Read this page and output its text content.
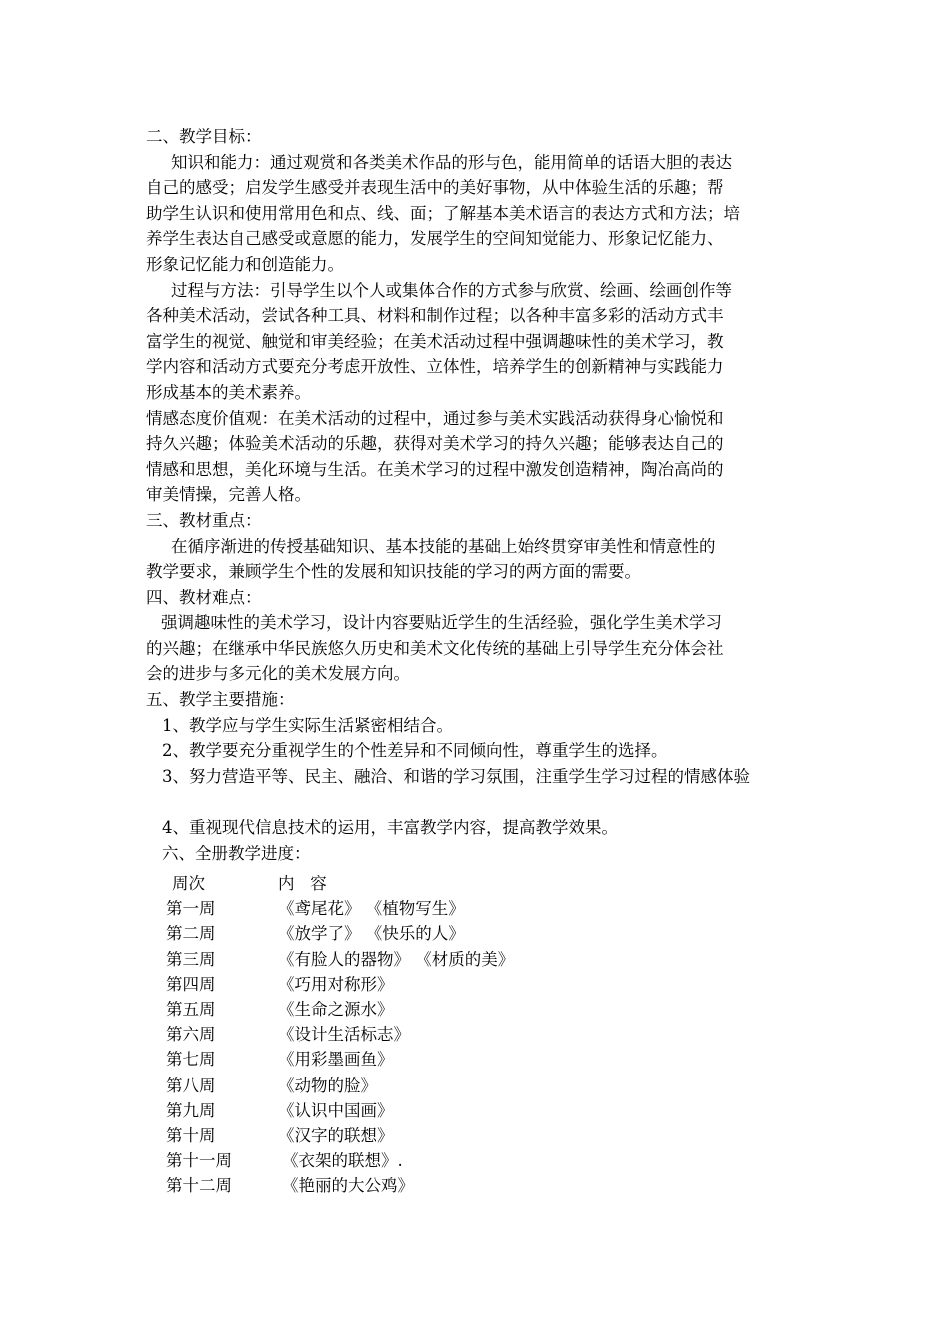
二、教学目标：
知识和能力：通过观赏和各类美术作品的形与色，能用简单的话语大胆的表达
自己的感受；启发学生感受并表现生活中的美好事物，从中体验生活的乐趣；帮
助学生认识和使用常用色和点、线、面；了解基本美术语言的表达方式和方法；培
养学生表达自己感受或意愿的能力，发展学生的空间知觉能力、形象记忆能力、
形象记忆能力和创造能力。
过程与方法：引导学生以个人或集体合作的方式参与欣赏、绘画、绘画创作等
各种美术活动，尝试各种工具、材料和制作过程；以各种丰富多彩的活动方式丰
富学生的视觉、触觉和审美经验；在美术活动过程中强调趣味性的美术学习，教
学内容和活动方式要充分考虑开放性、立体性，培养学生的创新精神与实践能力
形成基本的美术素养。
情感态度价值观：在美术活动的过程中，通过参与美术实践活动获得身心愉悦和
持久兴趣；体验美术活动的乐趣，获得对美术学习的持久兴趣；能够表达自己的
情感和思想，美化环境与生活。在美术学习的过程中激发创造精神，陶冶高尚的
审美情操，完善人格。
三、教材重点：
在循序渐进的传授基础知识、基本技能的基础上始终贯穿审美性和情意性的
教学要求，兼顾学生个性的发展和知识技能的学习的两方面的需要。
四、教材难点：
强调趣味性的美术学习，设计内容要贴近学生的生活经验，强化学生美术学习
的兴趣；在继承中华民族悠久历史和美术文化传统的基础上引导学生充分体会社
会的进步与多元化的美术发展方向。
五、教学主要措施：
1、教学应与学生实际生活紧密相结合。
2、教学要充分重视学生的个性差异和不同倾向性，尊重学生的选择。
3、努力营造平等、民主、融洽、和谐的学习氛围，注重学生学习过程的情感体验
4、重视现代信息技术的运用，丰富教学内容，提高教学效果。
六、全册教学进度：
周次	内   容
第一周	《鸢尾花》 《植物写生》
第二周	《放学了》 《快乐的人》
第三周	《有脸人的器物》 《材质的美》
第四周	《巧用对称形》
第五周	《生命之源水》
第六周	《设计生活标志》
第七周	《用彩墨画鱼》
第八周	《动物的脸》
第九周	《认识中国画》
第十周	《汉字的联想》
第十一周	《衣架的联想》.
第十二周	《艳丽的大公鸡》
